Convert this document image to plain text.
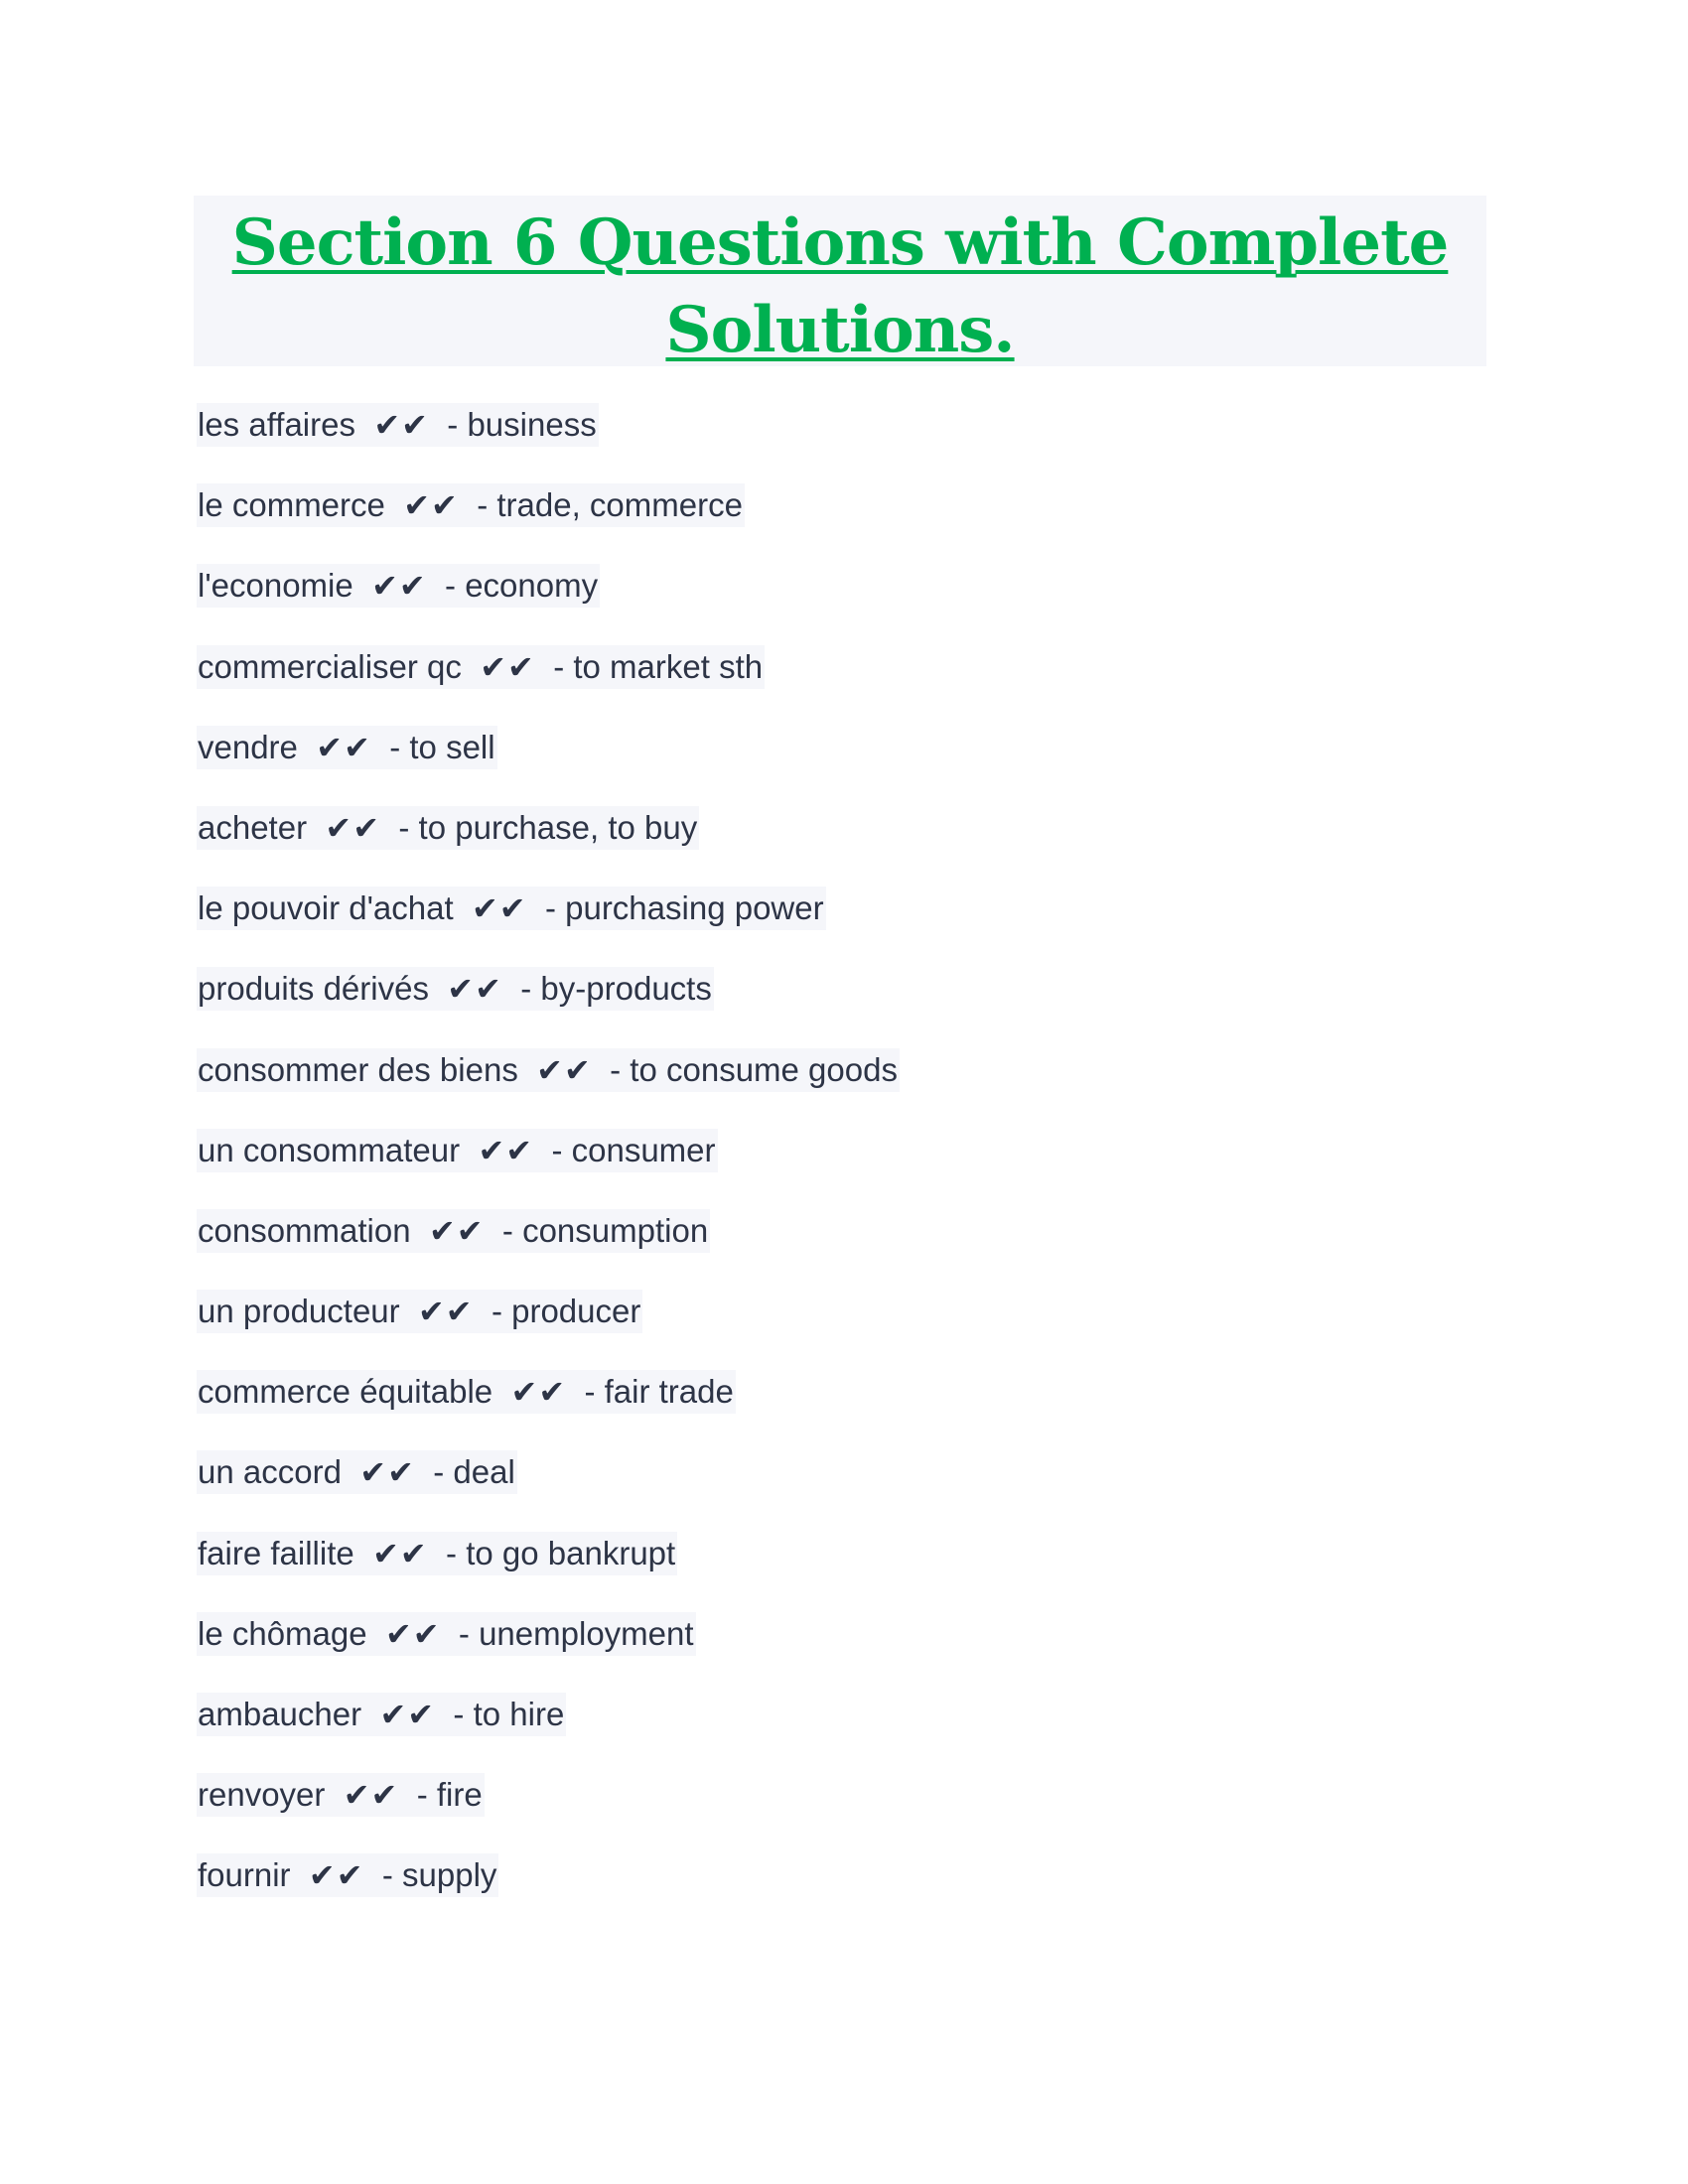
Section 6 Questions with Complete
Solutions.
les affaires ✔✔ - business
le commerce ✔✔ - trade, commerce
l'economie ✔✔ - economy
commercialiser qc ✔✔ - to market sth
vendre ✔✔ - to sell
acheter ✔✔ - to purchase, to buy
le pouvoir d'achat ✔✔ - purchasing power
produits dérivés ✔✔ - by-products
consommer des biens ✔✔ - to consume goods
un consommateur ✔✔ - consumer
consommation ✔✔ - consumption
un producteur ✔✔ - producer
commerce équitable ✔✔ - fair trade
un accord ✔✔ - deal
faire faillite ✔✔ - to go bankrupt
le chômage ✔✔ - unemployment
ambaucher ✔✔ - to hire
renvoyer ✔✔ - fire
fournir ✔✔ - supply
